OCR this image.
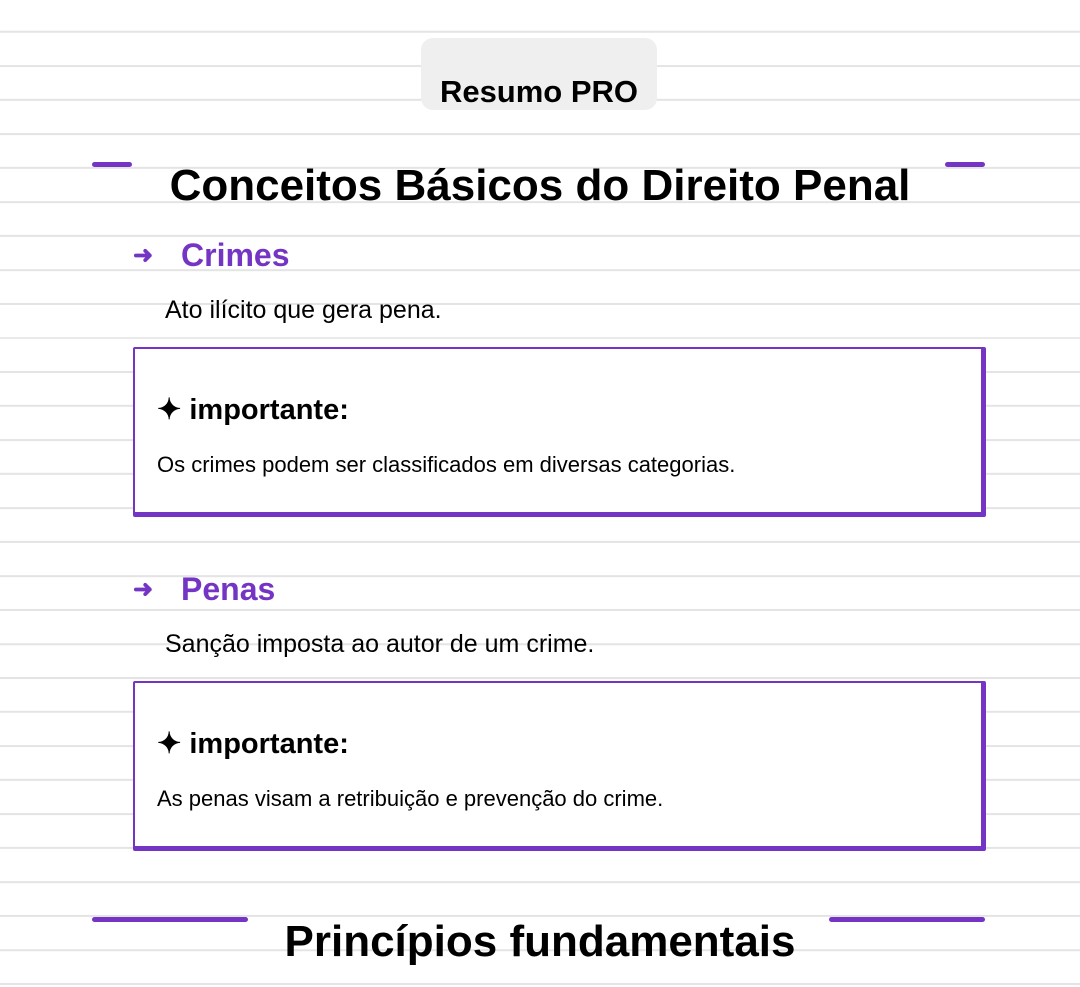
Resumo PRO
Conceitos Básicos do Direito Penal
➜ Crimes
Ato ilícito que gera pena.
✦ importante:
Os crimes podem ser classificados em diversas categorias.
➜ Penas
Sanção imposta ao autor de um crime.
✦ importante:
As penas visam a retribuição e prevenção do crime.
Princípios fundamentais
